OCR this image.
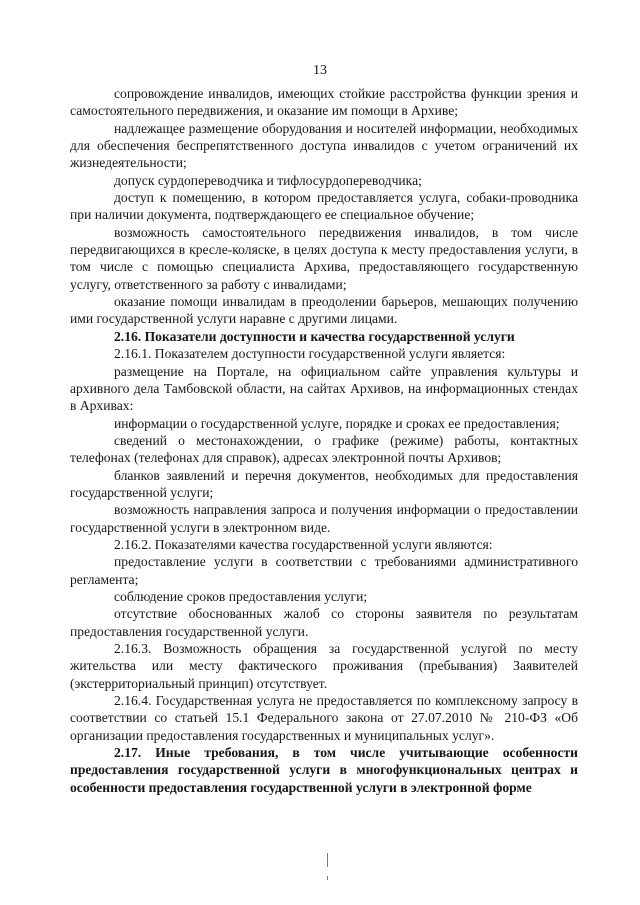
13

сопровождение инвалидов, имеющих стойкие расстройства функции зрения и самостоятельного передвижения, и оказание им помощи в Архиве;

надлежащее размещение оборудования и носителей информации, необходимых для обеспечения беспрепятственного доступа инвалидов с учетом ограничений их жизнедеятельности;

допуск сурдопереводчика и тифлосурдопереводчика;

доступ к помещению, в котором предоставляется услуга, собаки-проводника при наличии документа, подтверждающего ее специальное обучение;

возможность самостоятельного передвижения инвалидов, в том числе передвигающихся в кресле-коляске, в целях доступа к месту предоставления услуги, в том числе с помощью специалиста Архива, предоставляющего государственную услугу, ответственного за работу с инвалидами;

оказание помощи инвалидам в преодолении барьеров, мешающих получению ими государственной услуги наравне с другими лицами.

2.16. Показатели доступности и качества государственной услуги

2.16.1. Показателем доступности государственной услуги является:

размещение на Портале, на официальном сайте управления культуры и архивного дела Тамбовской области, на сайтах Архивов, на информационных стендах в Архивах:

информации о государственной услуге, порядке и сроках ее предоставления;

сведений о местонахождении, о графике (режиме) работы, контактных телефонах (телефонах для справок), адресах электронной почты Архивов;

бланков заявлений и перечня документов, необходимых для предоставления государственной услуги;

возможность направления запроса и получения информации о предоставлении государственной услуги в электронном виде.

2.16.2. Показателями качества государственной услуги являются:

предоставление услуги в соответствии с требованиями административного регламента;

соблюдение сроков предоставления услуги;

отсутствие обоснованных жалоб со стороны заявителя по результатам предоставления государственной услуги.

2.16.3. Возможность обращения за государственной услугой по месту жительства или месту фактического проживания (пребывания) Заявителей (экстерриториальный принцип) отсутствует.

2.16.4. Государственная услуга не предоставляется по комплексному запросу в соответствии со статьей 15.1 Федерального закона от 27.07.2010 № 210-ФЗ «Об организации предоставления государственных и муниципальных услуг».

2.17. Иные требования, в том числе учитывающие особенности предоставления государственной услуги в многофункциональных центрах и особенности предоставления государственной услуги в электронной форме
